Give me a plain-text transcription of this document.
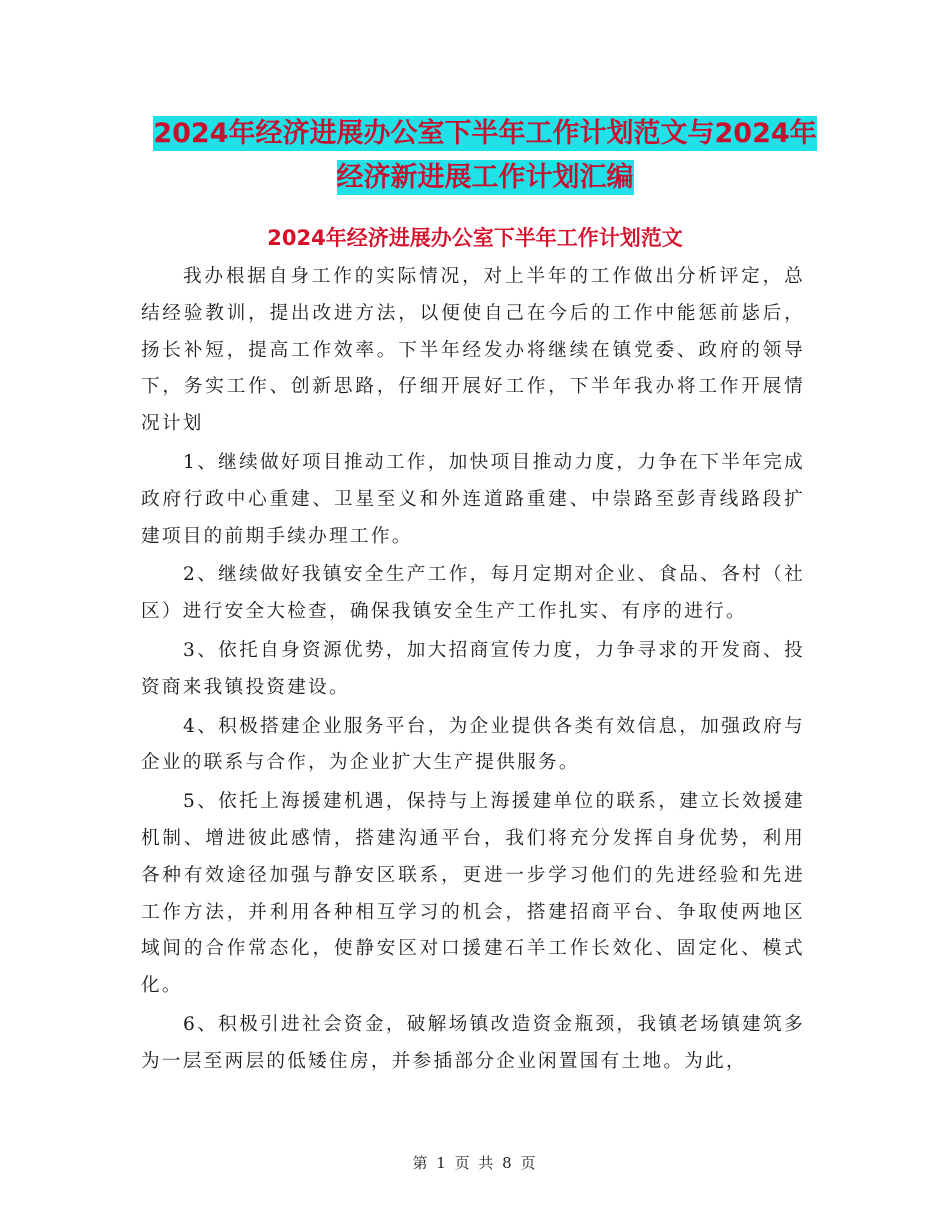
2024年经济进展办公室下半年工作计划范文与2024年
经济新进展工作计划汇编
2024年经济进展办公室下半年工作计划范文

我办根据自身工作的实际情况，对上半年的工作做出分析评定，总结经验教训，提出改进方法，以便使自己在今后的工作中能惩前毖后，扬长补短，提高工作效率。下半年经发办将继续在镇党委、政府的领导下，务实工作、创新思路，仔细开展好工作，下半年我办将工作开展情况计划

1、继续做好项目推动工作，加快项目推动力度，力争在下半年完成政府行政中心重建、卫星至义和外连道路重建、中崇路至彭青线路段扩建项目的前期手续办理工作。

2、继续做好我镇安全生产工作，每月定期对企业、食品、各村（社区）进行安全大检查，确保我镇安全生产工作扎实、有序的进行。

3、依托自身资源优势，加大招商宣传力度，力争寻求的开发商、投资商来我镇投资建设。

4、积极搭建企业服务平台，为企业提供各类有效信息，加强政府与企业的联系与合作，为企业扩大生产提供服务。

5、依托上海援建机遇，保持与上海援建单位的联系，建立长效援建机制、增进彼此感情，搭建沟通平台，我们将充分发挥自身优势，利用各种有效途径加强与静安区联系，更进一步学习他们的先进经验和先进工作方法，并利用各种相互学习的机会，搭建招商平台、争取使两地区域间的合作常态化，使静安区对口援建石羊工作长效化、固定化、模式化。

6、积极引进社会资金，破解场镇改造资金瓶颈，我镇老场镇建筑多为一层至两层的低矮住房，并参插部分企业闲置国有土地。为此，

第 1 页 共 8 页
